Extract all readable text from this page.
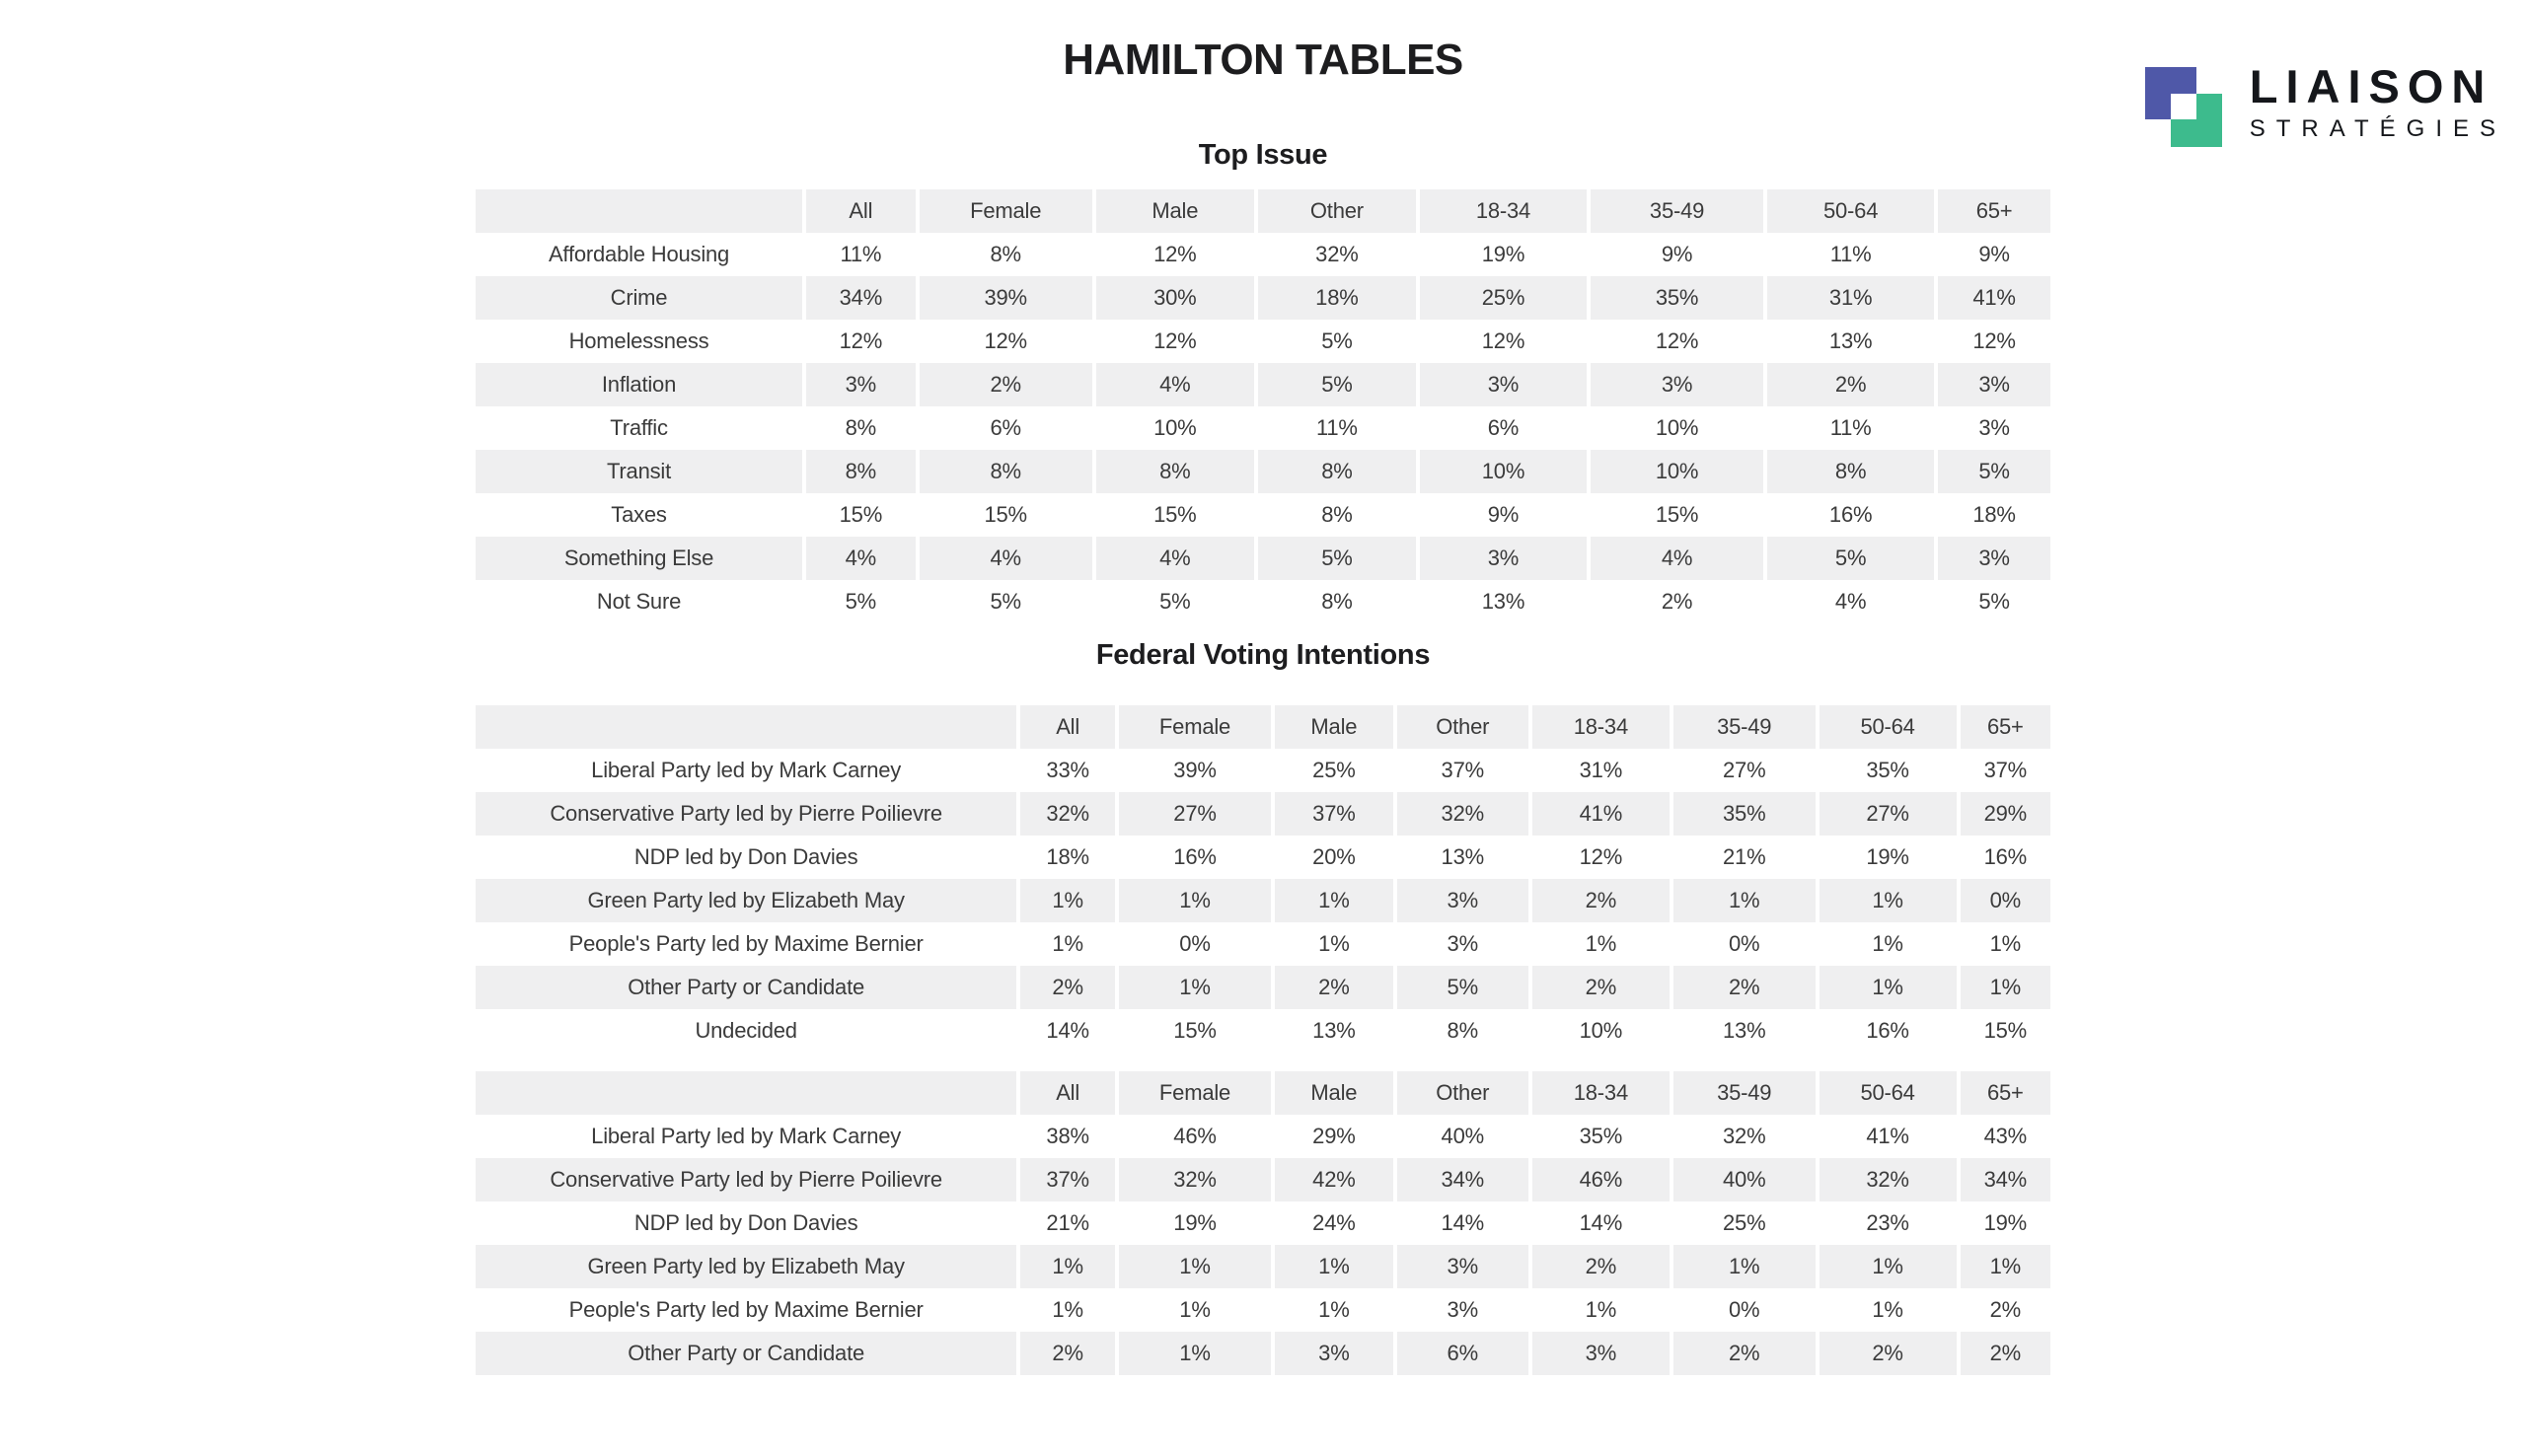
HAMILTON TABLES
LIAISON
STRATÉGIES
Top Issue
	All	Female	Male	Other	18-34	35-49	50-64	65+
Affordable Housing	11%	8%	12%	32%	19%	9%	11%	9%
Crime	34%	39%	30%	18%	25%	35%	31%	41%
Homelessness	12%	12%	12%	5%	12%	12%	13%	12%
Inflation	3%	2%	4%	5%	3%	3%	2%	3%
Traffic	8%	6%	10%	11%	6%	10%	11%	3%
Transit	8%	8%	8%	8%	10%	10%	8%	5%
Taxes	15%	15%	15%	8%	9%	15%	16%	18%
Something Else	4%	4%	4%	5%	3%	4%	5%	3%
Not Sure	5%	5%	5%	8%	13%	2%	4%	5%
Federal Voting Intentions
	All	Female	Male	Other	18-34	35-49	50-64	65+
Liberal Party led by Mark Carney	33%	39%	25%	37%	31%	27%	35%	37%
Conservative Party led by Pierre Poilievre	32%	27%	37%	32%	41%	35%	27%	29%
NDP led by Don Davies	18%	16%	20%	13%	12%	21%	19%	16%
Green Party led by Elizabeth May	1%	1%	1%	3%	2%	1%	1%	0%
People's Party led by Maxime Bernier	1%	0%	1%	3%	1%	0%	1%	1%
Other Party or Candidate	2%	1%	2%	5%	2%	2%	1%	1%
Undecided	14%	15%	13%	8%	10%	13%	16%	15%
	All	Female	Male	Other	18-34	35-49	50-64	65+
Liberal Party led by Mark Carney	38%	46%	29%	40%	35%	32%	41%	43%
Conservative Party led by Pierre Poilievre	37%	32%	42%	34%	46%	40%	32%	34%
NDP led by Don Davies	21%	19%	24%	14%	14%	25%	23%	19%
Green Party led by Elizabeth May	1%	1%	1%	3%	2%	1%	1%	1%
People's Party led by Maxime Bernier	1%	1%	1%	3%	1%	0%	1%	2%
Other Party or Candidate	2%	1%	3%	6%	3%	2%	2%	2%
